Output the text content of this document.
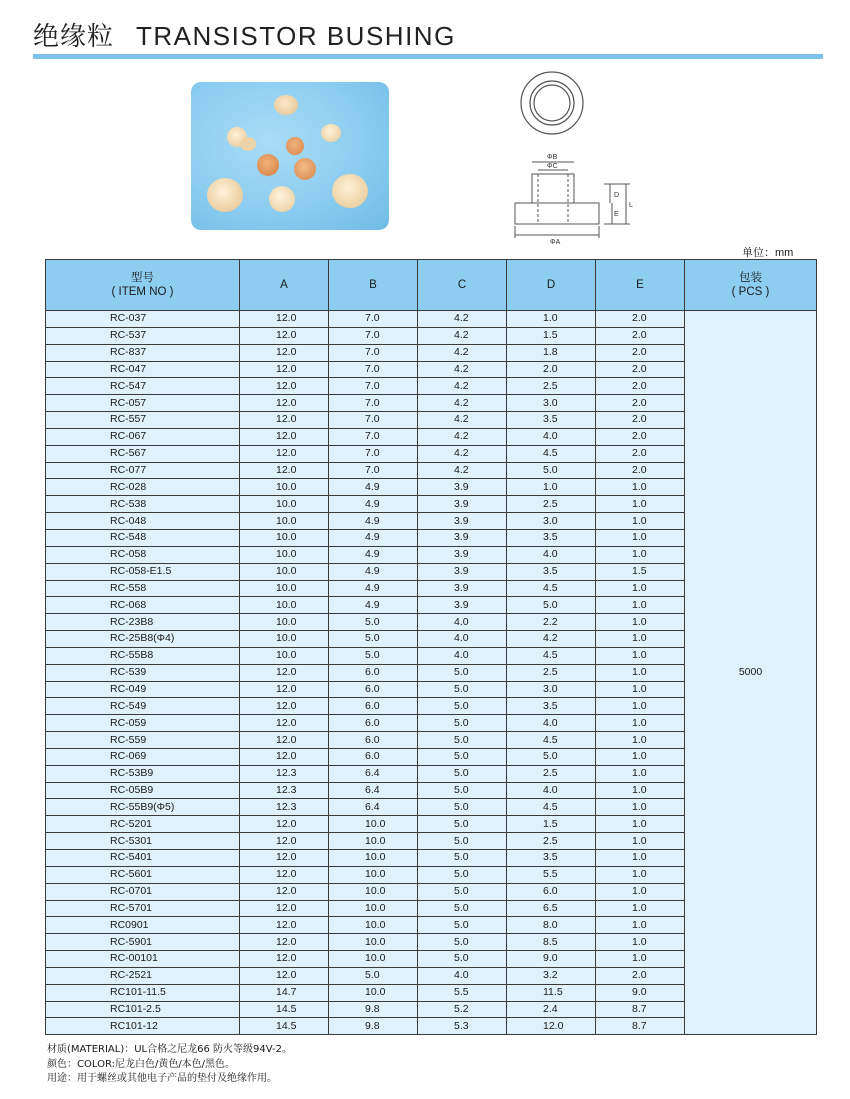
绝缘粒 TRANSISTOR BUSHING
ΦB
ΦC
ΦA
D
E
L
单位：mm
型号
( ITEM NO )	A	B	C	D	E	包装
( PCS )
RC-037	12.0	7.0	4.2	1.0	2.0	5000
RC-537	12.0	7.0	4.2	1.5	2.0	
RC-837	12.0	7.0	4.2	1.8	2.0	
RC-047	12.0	7.0	4.2	2.0	2.0	
RC-547	12.0	7.0	4.2	2.5	2.0	
RC-057	12.0	7.0	4.2	3.0	2.0	
RC-557	12.0	7.0	4.2	3.5	2.0	
RC-067	12.0	7.0	4.2	4.0	2.0	
RC-567	12.0	7.0	4.2	4.5	2.0	
RC-077	12.0	7.0	4.2	5.0	2.0	
RC-028	10.0	4.9	3.9	1.0	1.0	
RC-538	10.0	4.9	3.9	2.5	1.0	
RC-048	10.0	4.9	3.9	3.0	1.0	
RC-548	10.0	4.9	3.9	3.5	1.0	
RC-058	10.0	4.9	3.9	4.0	1.0	
RC-058-E1.5	10.0	4.9	3.9	3.5	1.5	
RC-558	10.0	4.9	3.9	4.5	1.0	
RC-068	10.0	4.9	3.9	5.0	1.0	
RC-23B8	10.0	5.0	4.0	2.2	1.0	
RC-25B8(Φ4)	10.0	5.0	4.0	4.2	1.0	
RC-55B8	10.0	5.0	4.0	4.5	1.0	
RC-539	12.0	6.0	5.0	2.5	1.0	
RC-049	12.0	6.0	5.0	3.0	1.0	
RC-549	12.0	6.0	5.0	3.5	1.0	
RC-059	12.0	6.0	5.0	4.0	1.0	
RC-559	12.0	6.0	5.0	4.5	1.0	
RC-069	12.0	6.0	5.0	5.0	1.0	
RC-53B9	12.3	6.4	5.0	2.5	1.0	
RC-05B9	12.3	6.4	5.0	4.0	1.0	
RC-55B9(Φ5)	12.3	6.4	5.0	4.5	1.0	
RC-5201	12.0	10.0	5.0	1.5	1.0	
RC-5301	12.0	10.0	5.0	2.5	1.0	
RC-5401	12.0	10.0	5.0	3.5	1.0	
RC-5601	12.0	10.0	5.0	5.5	1.0	
RC-0701	12.0	10.0	5.0	6.0	1.0	
RC-5701	12.0	10.0	5.0	6.5	1.0	
RC0901	12.0	10.0	5.0	8.0	1.0	
RC-5901	12.0	10.0	5.0	8.5	1.0	
RC-00101	12.0	10.0	5.0	9.0	1.0	
RC-2521	12.0	5.0	4.0	3.2	2.0	
RC101-11.5	14.7	10.0	5.5	11.5	9.0	
RC101-2.5	14.5	9.8	5.2	2.4	8.7	
RC101-12	14.5	9.8	5.3	12.0	8.7	
材质(MATERIAL)：UL合格之尼龙66 防火等级94V-2。
颜色：COLOR:尼龙白色/黄色/本色/黑色。
用途：用于螺丝或其他电子产品的垫付及绝缘作用。
